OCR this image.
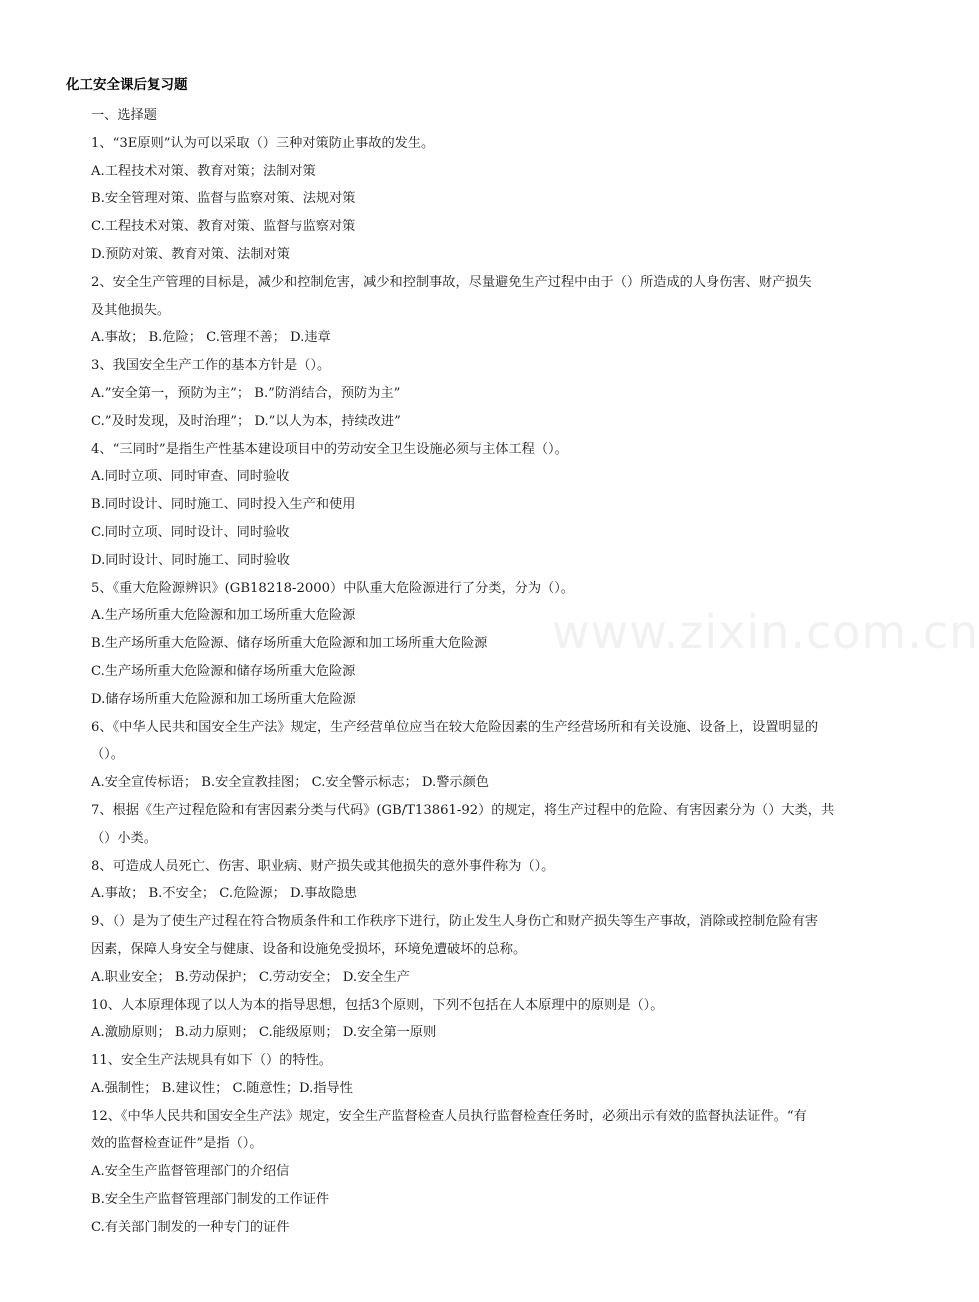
www.zixin.com.cn
化工安全课后复习题
一、选择题
1、“3E原则”认为可以采取（）三种对策防止事故的发生。
A.工程技术对策、教育对策；法制对策
B.安全管理对策、监督与监察对策、法规对策
C.工程技术对策、教育对策、监督与监察对策
D.预防对策、教育对策、法制对策
2、安全生产管理的目标是，减少和控制危害，减少和控制事故，尽量避免生产过程中由于（）所造成的人身伤害、财产损失
及其他损失。
A.事故； B.危险； C.管理不善； D.违章
3、我国安全生产工作的基本方针是（）。
A.”安全第一，预防为主”； B.”防消结合，预防为主”
C.”及时发现，及时治理”； D.”以人为本，持续改进”
4、“三同时”是指生产性基本建设项目中的劳动安全卫生设施必须与主体工程（）。
A.同时立项、同时审查、同时验收
B.同时设计、同时施工、同时投入生产和使用
C.同时立项、同时设计、同时验收
D.同时设计、同时施工、同时验收
5、《重大危险源辨识》(GB18218-2000）中队重大危险源进行了分类，分为（）。
A.生产场所重大危险源和加工场所重大危险源
B.生产场所重大危险源、储存场所重大危险源和加工场所重大危险源
C.生产场所重大危险源和储存场所重大危险源
D.储存场所重大危险源和加工场所重大危险源
6、《中华人民共和国安全生产法》规定，生产经营单位应当在较大危险因素的生产经营场所和有关设施、设备上，设置明显的
（）。
A.安全宣传标语； B.安全宣教挂图； C.安全警示标志； D.警示颜色
7、根据《生产过程危险和有害因素分类与代码》(GB/T13861-92）的规定，将生产过程中的危险、有害因素分为（）大类，共
（）小类。
8、可造成人员死亡、伤害、职业病、财产损失或其他损失的意外事件称为（）。
A.事故； B.不安全； C.危险源； D.事故隐患
9、（）是为了使生产过程在符合物质条件和工作秩序下进行，防止发生人身伤亡和财产损失等生产事故，消除或控制危险有害
因素，保障人身安全与健康、设备和设施免受损坏，环境免遭破坏的总称。
A.职业安全； B.劳动保护； C.劳动安全； D.安全生产
10、人本原理体现了以人为本的指导思想，包括3个原则，下列不包括在人本原理中的原则是（）。
A.激励原则； B.动力原则； C.能级原则； D.安全第一原则
11、安全生产法规具有如下（）的特性。
A.强制性； B.建议性； C.随意性；D.指导性
12、《中华人民共和国安全生产法》规定，安全生产监督检查人员执行监督检查任务时，必须出示有效的监督执法证件。“有
效的监督检查证件”是指（）。
A.安全生产监督管理部门的介绍信
B.安全生产监督管理部门制发的工作证件
C.有关部门制发的一种专门的证件
